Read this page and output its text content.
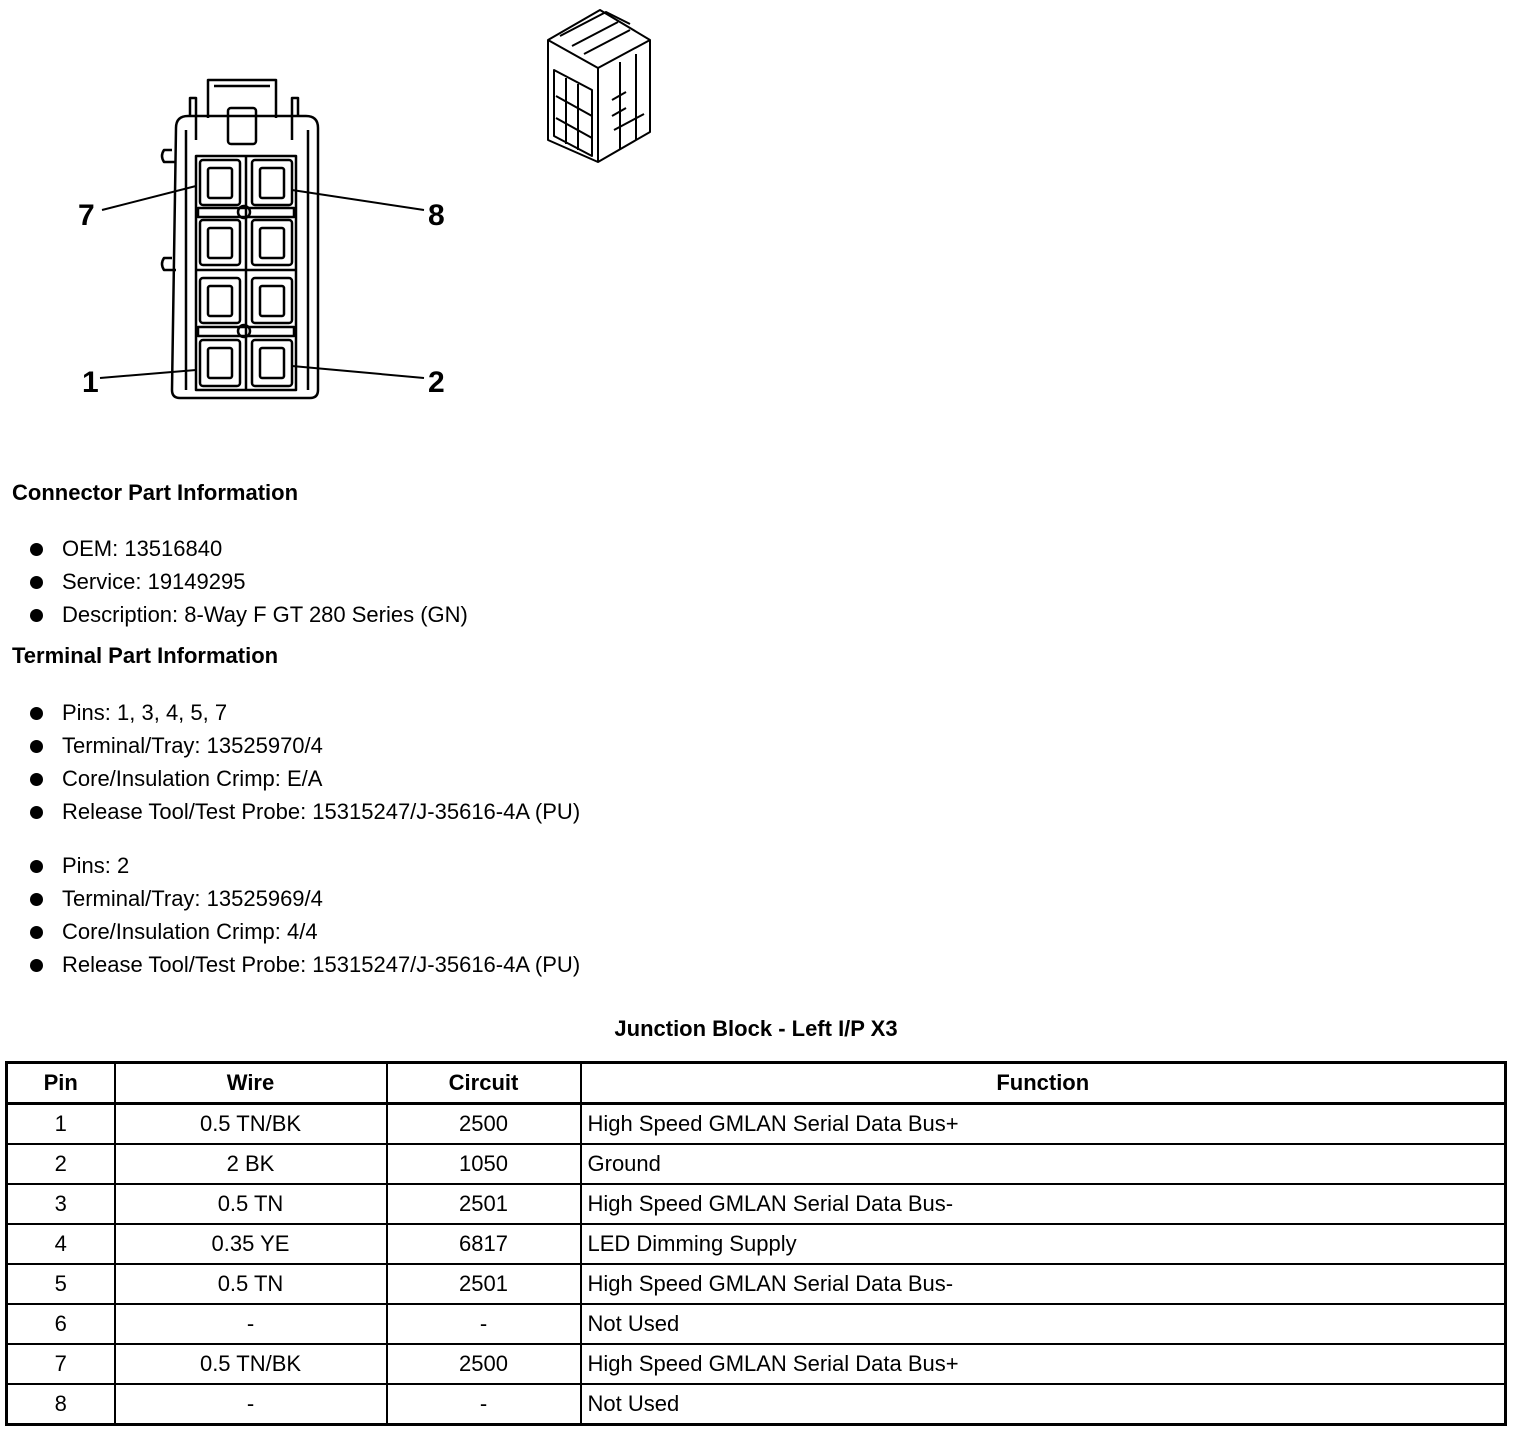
7	8
1	2
Connector Part Information
OEM: 13516840
Service: 19149295
Description: 8-Way F GT 280 Series (GN)
Terminal Part Information
Pins: 1, 3, 4, 5, 7
Terminal/Tray: 13525970/4
Core/Insulation Crimp: E/A
Release Tool/Test Probe: 15315247/J-35616-4A (PU)
Pins: 2
Terminal/Tray: 13525969/4
Core/Insulation Crimp: 4/4
Release Tool/Test Probe: 15315247/J-35616-4A (PU)
Junction Block - Left I/P X3
Pin	Wire	Circuit	Function
1	0.5 TN/BK	2500	High Speed GMLAN Serial Data Bus+
2	2 BK	1050	Ground
3	0.5 TN	2501	High Speed GMLAN Serial Data Bus-
4	0.35 YE	6817	LED Dimming Supply
5	0.5 TN	2501	High Speed GMLAN Serial Data Bus-
6	-	-	Not Used
7	0.5 TN/BK	2500	High Speed GMLAN Serial Data Bus+
8	-	-	Not Used
